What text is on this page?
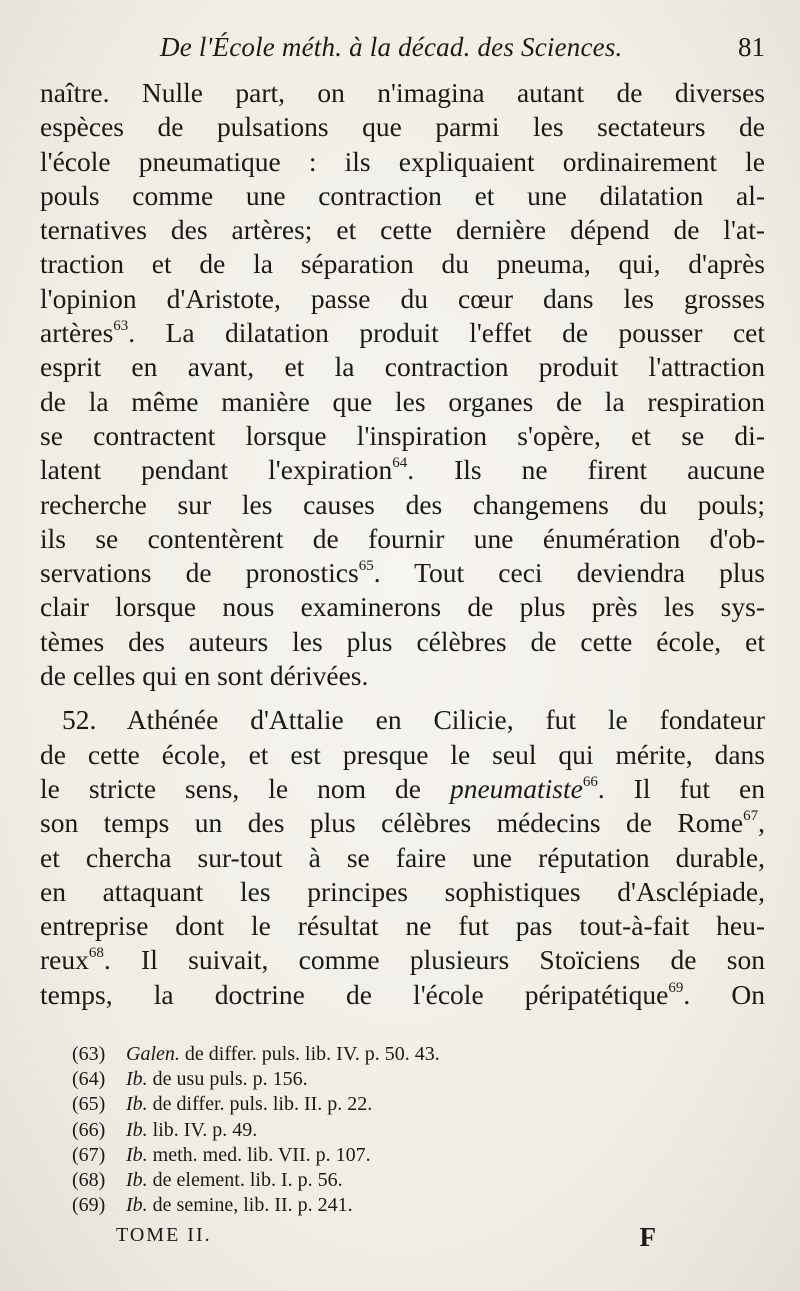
De l'École méth. à la décad. des Sciences.	81
naître. Nulle part, on n'imagina autant de diverses
espèces de pulsations que parmi les sectateurs de
l'école pneumatique : ils expliquaient ordinairement le
pouls comme une contraction et une dilatation al-
ternatives des artères; et cette dernière dépend de l'at-
traction et de la séparation du pneuma, qui, d'après
l'opinion d'Aristote, passe du cœur dans les grosses
artères$^{63}$. La dilatation produit l'effet de pousser cet
esprit en avant, et la contraction produit l'attraction
de la même manière que les organes de la respiration
se contractent lorsque l'inspiration s'opère, et se di-
latent pendant l'expiration$^{64}$. Ils ne firent aucune
recherche sur les causes des changemens du pouls;
ils se contentèrent de fournir une énumération d'ob-
servations de pronostics$^{65}$. Tout ceci deviendra plus
clair lorsque nous examinerons de plus près les sys-
tèmes des auteurs les plus célèbres de cette école, et
de celles qui en sont dérivées.
52. Athénée d'Attalie en Cilicie, fut le fondateur
de cette école, et est presque le seul qui mérite, dans
le stricte sens, le nom de pneumatiste$^{66}$. Il fut en
son temps un des plus célèbres médecins de Rome$^{67}$,
et chercha sur-tout à se faire une réputation durable,
en attaquant les principes sophistiques d'Asclépiade,
entreprise dont le résultat ne fut pas tout-à-fait heu-
reux$^{68}$. Il suivait, comme plusieurs Stoïciens de son
temps, la doctrine de l'école péripatétique$^{69}$. On
(63) Galen. de differ. puls. lib. IV. p. 50. 43.
(64) Ib. de usu puls. p. 156.
(65) Ib. de differ. puls. lib. II. p. 22.
(66) Ib. lib. IV. p. 49.
(67) Ib. meth. med. lib. VII. p. 107.
(68) Ib. de element. lib. I. p. 56.
(69) Ib. de semine, lib. II. p. 241.
TOME II.	F
